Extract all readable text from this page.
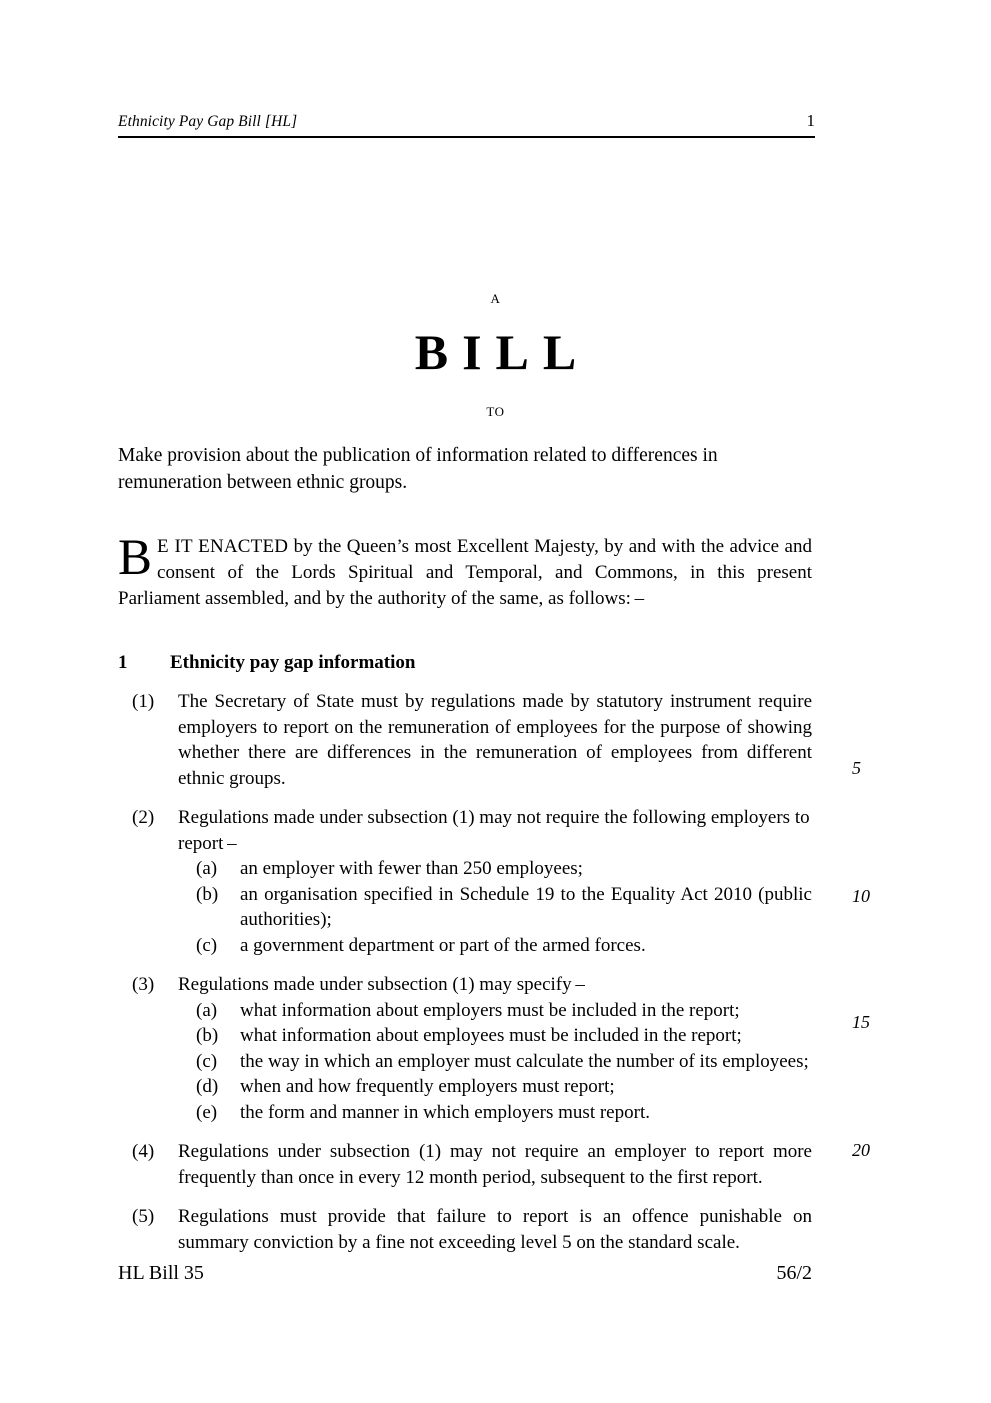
Ethnicity Pay Gap Bill [HL]	1
A
BILL
TO
Make provision about the publication of information related to differences in remuneration between ethnic groups.
B E IT ENACTED by the Queen’s most Excellent Majesty, by and with the advice and consent of the Lords Spiritual and Temporal, and Commons, in this present Parliament assembled, and by the authority of the same, as follows: –
1 Ethnicity pay gap information
(1) The Secretary of State must by regulations made by statutory instrument require employers to report on the remuneration of employees for the purpose of showing whether there are differences in the remuneration of employees from different ethnic groups.
(2) Regulations made under subsection (1) may not require the following employers to report –
(a) an employer with fewer than 250 employees;
(b) an organisation specified in Schedule 19 to the Equality Act 2010 (public authorities);
(c) a government department or part of the armed forces.
(3) Regulations made under subsection (1) may specify –
(a) what information about employers must be included in the report;
(b) what information about employees must be included in the report;
(c) the way in which an employer must calculate the number of its employees;
(d) when and how frequently employers must report;
(e) the form and manner in which employers must report.
(4) Regulations under subsection (1) may not require an employer to report more frequently than once in every 12 month period, subsequent to the first report.
(5) Regulations must provide that failure to report is an offence punishable on summary conviction by a fine not exceeding level 5 on the standard scale.
5
10
15
20
HL Bill 35	56/2
